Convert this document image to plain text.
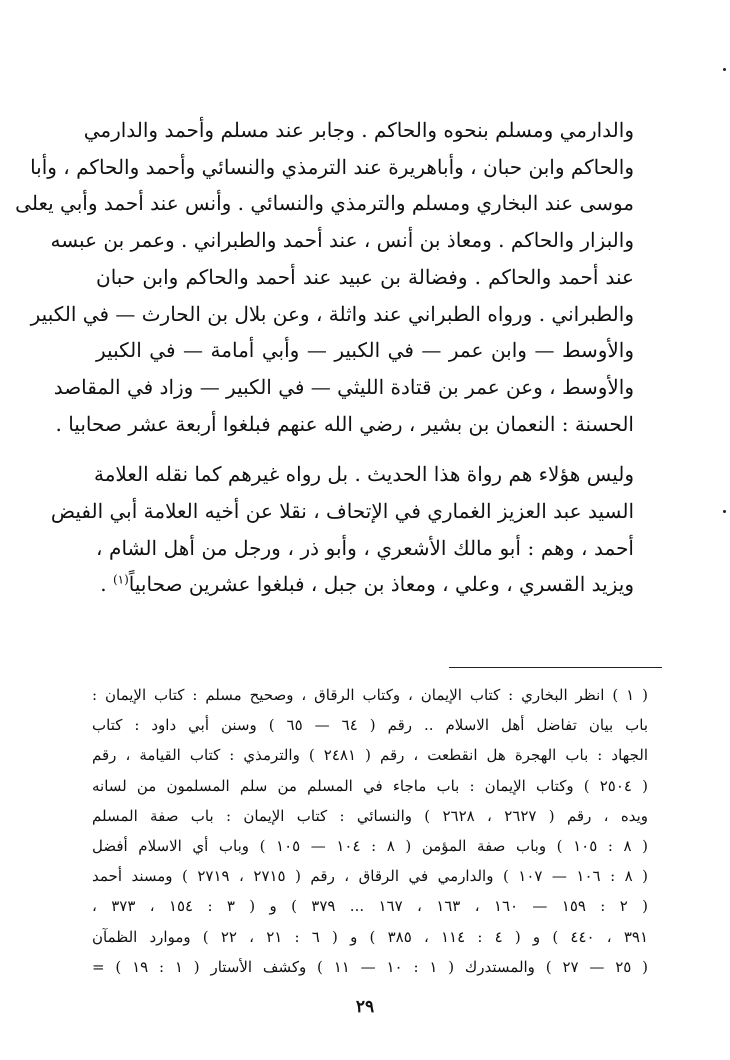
والدارمي ومسلم بنحوه والحاكم . وجابر عند مسلم وأحمد والدارمي
والحاكم وابن حبان ، وأباهريرة عند الترمذي والنسائي وأحمد والحاكم ، وأبا
موسى عند البخاري ومسلم والترمذي والنسائي . وأنس عند أحمد وأبي يعلى
والبزار والحاكم . ومعاذ بن أنس ، عند أحمد والطبراني . وعمر بن عبسه
عند أحمد والحاكم . وفضالة بن عبيد عند أحمد والحاكم وابن حبان
والطبراني . ورواه الطبراني عند واثلة ، وعن بلال بن الحارث — في الكبير
والأوسط — وابن عمر — في الكبير — وأبي أمامة — في الكبير
والأوسط ، وعن عمر بن قتادة الليثي — في الكبير — وزاد في المقاصد
الحسنة : النعمان بن بشير ، رضي الله عنهم فبلغوا أربعة عشر صحابيا .
وليس هؤلاء هم رواة هذا الحديث . بل رواه غيرهم كما نقله العلامة
السيد عبد العزيز الغماري في الإتحاف ، نقلا عن أخيه العلامة أبي الفيض
أحمد ، وهم : أبو مالك الأشعري ، وأبو ذر ، ورجل من أهل الشام ،
ويزيد القسري ، وعلي ، ومعاذ بن جبل ، فبلغوا عشرين صحابياً$^{(١)}$ .
( ١ ) انظر البخاري : كتاب الإيمان ، وكتاب الرقاق ، وصحيح مسلم : كتاب الإيمان :
باب بيان تفاضل أهل الاسلام .. رقم ( ٦٤ — ٦٥ ) وسنن أبي داود : كتاب
الجهاد : باب الهجرة هل انقطعت ، رقم ( ٢٤٨١ ) والترمذي : كتاب القيامة ، رقم
( ٢٥٠٤ ) وكتاب الإيمان : باب ماجاء في المسلم من سلم المسلمون من لسانه
ويده ، رقم ( ٢٦٢٧ ، ٢٦٢٨ ) والنسائي : كتاب الإيمان : باب صفة المسلم
( ٨ : ١٠٥ ) وباب صفة المؤمن ( ٨ : ١٠٤ — ١٠٥ ) وباب أي الاسلام أفضل
( ٨ : ١٠٦ — ١٠٧ ) والدارمي في الرقاق ، رقم ( ٢٧١٥ ، ٢٧١٩ ) ومسند أحمد
( ٢ : ١٥٩ — ١٦٠ ، ١٦٣ ، ١٦٧ ... ٣٧٩ ) و ( ٣ : ١٥٤ ، ٣٧٣ ،
٣٩١ ، ٤٤٠ ) و ( ٤ : ١١٤ ، ٣٨٥ ) و ( ٦ : ٢١ ، ٢٢ ) وموارد الظمآن
( ٢٥ — ٢٧ ) والمستدرك ( ١ : ١٠ — ١١ ) وكشف الأستار ( ١ : ١٩ ) =
٢٩
